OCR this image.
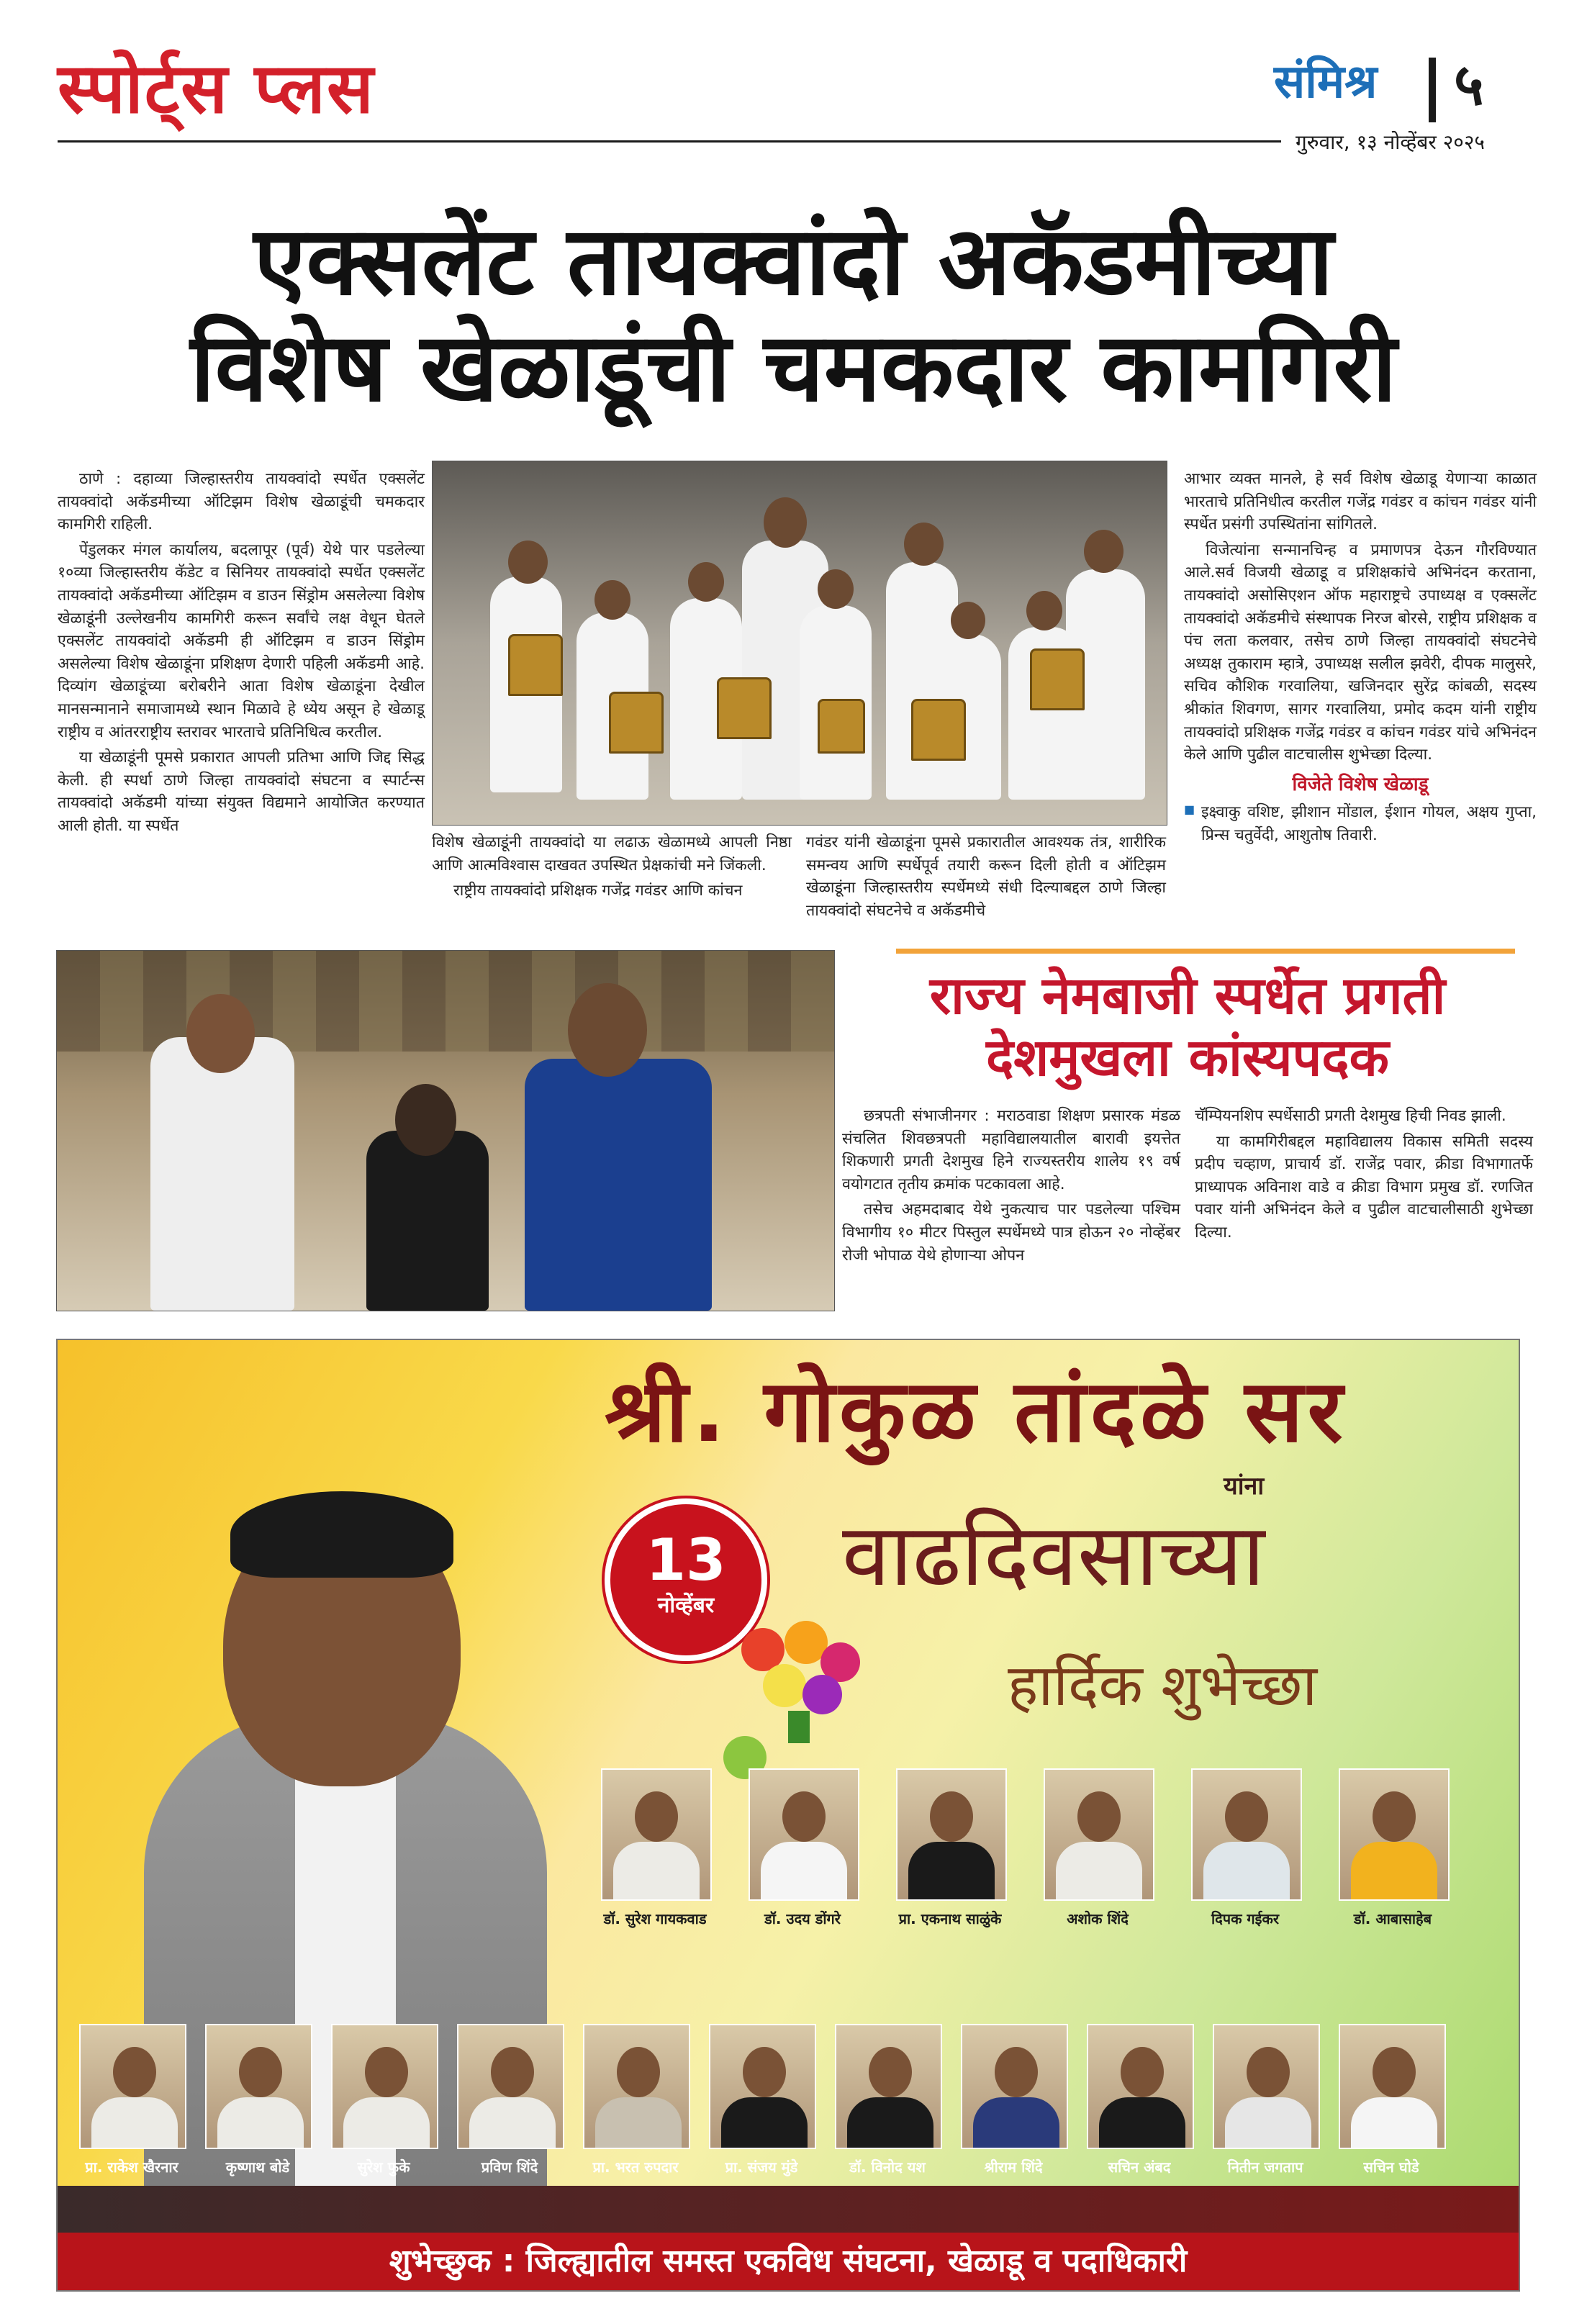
स्पोर्ट्स प्लस	संमिश्र ५
गुरुवार, १३ नोव्हेंबर २०२५
एक्सलेंट तायक्वांदो अकॅडमीच्या
विशेष खेळाडूंची चमकदार कामगिरी

ठाणे : दहाव्या जिल्हास्तरीय तायक्वांदो स्पर्धेत एक्सलेंट तायक्वांदो अकॅडमीच्या ऑटिझम विशेष खेळाडूंची चमकदार कामगिरी राहिली.

पेंडुलकर मंगल कार्यालय, बदलापूर (पूर्व) येथे पार पडलेल्या १०व्या जिल्हास्तरीय कॅडेट व सिनियर तायक्वांदो स्पर्धेत एक्सलेंट तायक्वांदो अकॅडमीच्या ऑटिझम व डाउन सिंड्रोम असलेल्या विशेष खेळाडूंनी उल्लेखनीय कामगिरी करून सर्वांचे लक्ष वेधून घेतले एक्सलेंट तायक्वांदो अकॅडमी ही ऑटिझम व डाउन सिंड्रोम असलेल्या विशेष खेळाडूंना प्रशिक्षण देणारी पहिली अकॅडमी आहे. दिव्यांग खेळाडूंच्या बरोबरीने आता विशेष खेळाडूंना देखील मानसन्मानाने समाजामध्ये स्थान मिळावे हे ध्येय असून हे खेळाडू राष्ट्रीय व आंतरराष्ट्रीय स्तरावर भारताचे प्रतिनिधित्व करतील.

या खेळाडूंनी पूमसे प्रकारात आपली प्रतिभा आणि जिद्द सिद्ध केली. ही स्पर्धा ठाणे जिल्हा तायक्वांदो संघटना व स्पार्टन्स तायक्वांदो अकॅडमी यांच्या संयुक्त विद्यमाने आयोजित करण्यात आली होती. या स्पर्धेत

विशेष खेळाडूंनी तायक्वांदो या लढाऊ खेळामध्ये आपली निष्ठा आणि आत्मविश्वास दाखवत उपस्थित प्रेक्षकांची मने जिंकली.

राष्ट्रीय तायक्वांदो प्रशिक्षक गजेंद्र गवंडर आणि कांचन

गवंडर यांनी खेळाडूंना पूमसे प्रकारातील आवश्यक तंत्र, शारीरिक समन्वय आणि स्पर्धेपूर्व तयारी करून दिली होती व ऑटिझम खेळाडूंना जिल्हास्तरीय स्पर्धेमध्ये संधी दिल्याबद्दल ठाणे जिल्हा तायक्वांदो संघटनेचे व अकॅडमीचे

आभार व्यक्त मानले, हे सर्व विशेष खेळाडू येणाऱ्या काळात भारताचे प्रतिनिधीत्व करतील गजेंद्र गवंडर व कांचन गवंडर यांनी स्पर्धेत प्रसंगी उपस्थितांना सांगितले.

विजेत्यांना सन्मानचिन्ह व प्रमाणपत्र देऊन गौरविण्यात आले.सर्व विजयी खेळाडू व प्रशिक्षकांचे अभिनंदन करताना, तायक्वांदो असोसिएशन ऑफ महाराष्ट्रचे उपाध्यक्ष व एक्सलेंट तायक्वांदो अकॅडमीचे संस्थापक निरज बोरसे, राष्ट्रीय प्रशिक्षक व पंच लता कलवार, तसेच ठाणे जिल्हा तायक्वांदो संघटनेचे अध्यक्ष तुकाराम म्हात्रे, उपाध्यक्ष सलील झवेरी, दीपक मालुसरे, सचिव कौशिक गरवालिया, खजिनदार सुरेंद्र कांबळी, सदस्य श्रीकांत शिवगण, सागर गरवालिया, प्रमोद कदम यांनी राष्ट्रीय तायक्वांदो प्रशिक्षक गजेंद्र गवंडर व कांचन गवंडर यांचे अभिनंदन केले आणि पुढील वाटचालीस शुभेच्छा दिल्या.

विजेते विशेष खेळाडू
■ इक्ष्वाकु वशिष्ट, झीशान मोंडाल, ईशान गोयल, अक्षय गुप्ता, प्रिन्स चतुर्वेदी, आशुतोष तिवारी.
राज्य नेमबाजी स्पर्धेत प्रगती
देशमुखला कांस्यपदक

छत्रपती संभाजीनगर : मराठवाडा शिक्षण प्रसारक मंडळ संचलित शिवछत्रपती महाविद्यालयातील बारावी इयत्तेत शिकणारी प्रगती देशमुख हिने राज्यस्तरीय शालेय १९ वर्ष वयोगटात तृतीय क्रमांक पटकावला आहे.

तसेच अहमदाबाद येथे नुकत्याच पार पडलेल्या पश्चिम विभागीय १० मीटर पिस्तुल स्पर्धेमध्ये पात्र होऊन २० नोव्हेंबर रोजी भोपाळ येथे होणाऱ्या ओपन

चॅम्पियनशिप स्पर्धेसाठी प्रगती देशमुख हिची निवड झाली.

या कामगिरीबद्दल महाविद्यालय विकास समिती सदस्य प्रदीप चव्हाण, प्राचार्य डॉ. राजेंद्र पवार, क्रीडा विभागातर्फे प्राध्यापक अविनाश वाडे व क्रीडा विभाग प्रमुख डॉ. रणजित पवार यांनी अभिनंदन केले व पुढील वाटचालीसाठी शुभेच्छा दिल्या.

श्री. गोकुळ तांदळे सर
यांना
13
नोव्हेंबर	वाढदिवसाच्या
हार्दिक शुभेच्छा
डॉ. सुरेश गायकवाड	डॉ. उदय डोंगरे	प्रा. एकनाथ साळुंके	अशोक शिंदे	दिपक गईकर	डॉ. आबासाहेब
प्रा. राकेश खैरनार	कृष्णाथ बोडे	सुरेश फुके	प्रविण शिंदे	प्रा. भरत रुपदार	प्रा. संजय मुंडे	डॉ. विनोद यश	श्रीराम शिंदे	सचिन अंबद	नितीन जगताप	सचिन घोडे
शुभेच्छुक : जिल्ह्यातील समस्त एकविध संघटना, खेळाडू व पदाधिकारी
